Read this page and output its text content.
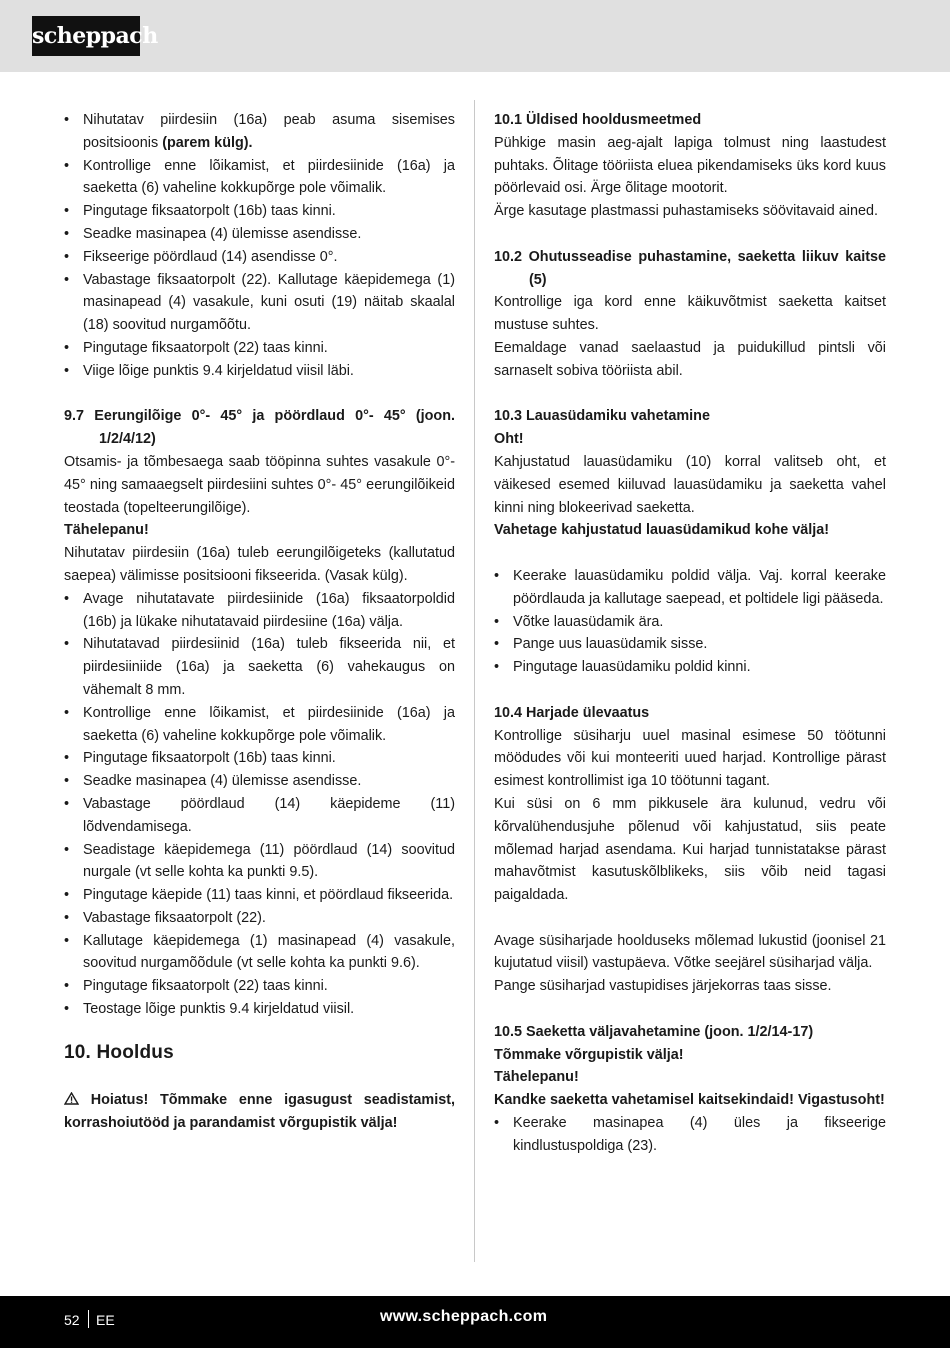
scheppach

• Nihutatav piirdesiin (16a) peab asuma sisemises positsioonis (parem külg).

• Kontrollige enne lõikamist, et piirdesiinide (16a) ja saeketta (6) vaheline kokkupõrge pole võimalik.

• Pingutage fiksaatorpolt (16b) taas kinni.

• Seadke masinapea (4) ülemisse asendisse.

• Fikseerige pöördlaud (14) asendisse 0°.

• Vabastage fiksaatorpolt (22). Kallutage käepidemega (1) masinapead (4) vasakule, kuni osuti (19) näitab skaalal (18) soovitud nurgamõõtu.

• Pingutage fiksaatorpolt (22) taas kinni.

• Viige lõige punktis 9.4 kirjeldatud viisil läbi.

9.7 Eerungilõige 0°- 45° ja pöördlaud 0°- 45° (joon. 1/2/4/12)

Otsamis- ja tõmbesaega saab tööpinna suhtes vasakule 0°- 45° ning samaaegselt piirdesiini suhtes 0°- 45° eerungilõikeid teostada (topelteerungilõige).

Tähelepanu!

Nihutatav piirdesiin (16a) tuleb eerungilõigeteks (kallutatud saepea) välimisse positsiooni fikseerida. (Vasak külg).

• Avage nihutatavate piirdesiinide (16a) fiksaatorpoldid (16b) ja lükake nihutatavaid piirdesiine (16a) välja.

• Nihutatavad piirdesiinid (16a) tuleb fikseerida nii, et piirdesiiniide (16a) ja saeketta (6) vahekaugus on vähemalt 8 mm.

• Kontrollige enne lõikamist, et piirdesiinide (16a) ja saeketta (6) vaheline kokkupõrge pole võimalik.

• Pingutage fiksaatorpolt (16b) taas kinni.

• Seadke masinapea (4) ülemisse asendisse.

• Vabastage pöördlaud (14) käepideme (11) lõdvendamisega.

• Seadistage käepidemega (11) pöördlaud (14) soovitud nurgale (vt selle kohta ka punkti 9.5).

• Pingutage käepide (11) taas kinni, et pöördlaud fikseerida.

• Vabastage fiksaatorpolt (22).

• Kallutage käepidemega (1) masinapead (4) vasakule, soovitud nurgamõõdule (vt selle kohta ka punkti 9.6).

• Pingutage fiksaatorpolt (22) taas kinni.

• Teostage lõige punktis 9.4 kirjeldatud viisil.

10. Hooldus

Hoiatus! Tõmmake enne igasugust seadistamist, korrashoiutööd ja parandamist võrgupistik välja!

10.1 Üldised hooldusmeetmed

Pühkige masin aeg-ajalt lapiga tolmust ning laastudest puhtaks. Õlitage tööriista eluea pikendamiseks üks kord kuus pöörlevaid osi. Ärge õlitage mootorit.

Ärge kasutage plastmassi puhastamiseks söövitavaid ained.

10.2 Ohutusseadise puhastamine, saeketta liikuv kaitse (5)

Kontrollige iga kord enne käikuvõtmist saeketta kaitset mustuse suhtes.

Eemaldage vanad saelaastud ja puidukillud pintsli või sarnaselt sobiva tööriista abil.

10.3 Lauasüdamiku vahetamine

Oht!

Kahjustatud lauasüdamiku (10) korral valitseb oht, et väikesed esemed kiiluvad lauasüdamiku ja saeketta vahel kinni ning blokeerivad saeketta.

Vahetage kahjustatud lauasüdamikud kohe välja!

• Keerake lauasüdamiku poldid välja. Vaj. korral keerake pöördlauda ja kallutage saepead, et poltidele ligi pääseda.

• Võtke lauasüdamik ära.

• Pange uus lauasüdamik sisse.

• Pingutage lauasüdamiku poldid kinni.

10.4 Harjade ülevaatus

Kontrollige süsiharju uuel masinal esimese 50 töötunni möödudes või kui monteeriti uued harjad. Kontrollige pärast esimest kontrollimist iga 10 töötunni tagant.

Kui süsi on 6 mm pikkusele ära kulunud, vedru või kõrvalühendusjuhe põlenud või kahjustatud, siis peate mõlemad harjad asendama. Kui harjad tunnistatakse pärast mahavõtmist kasutuskõlblikeks, siis võib neid tagasi paigaldada.

Avage süsiharjade hoolduseks mõlemad lukustid (joonisel 21 kujutatud viisil) vastupäeva. Võtke seejärel süsiharjad välja.

Pange süsiharjad vastupidises järjekorras taas sisse.

10.5 Saeketta väljavahetamine (joon. 1/2/14-17)

Tõmmake võrgupistik välja!

Tähelepanu!

Kandke saeketta vahetamisel kaitsekindaid! Vigastusoht!

• Keerake masinapea (4) üles ja fikseerige kindlustuspoldiga (23).

52 EE	www.scheppach.com
